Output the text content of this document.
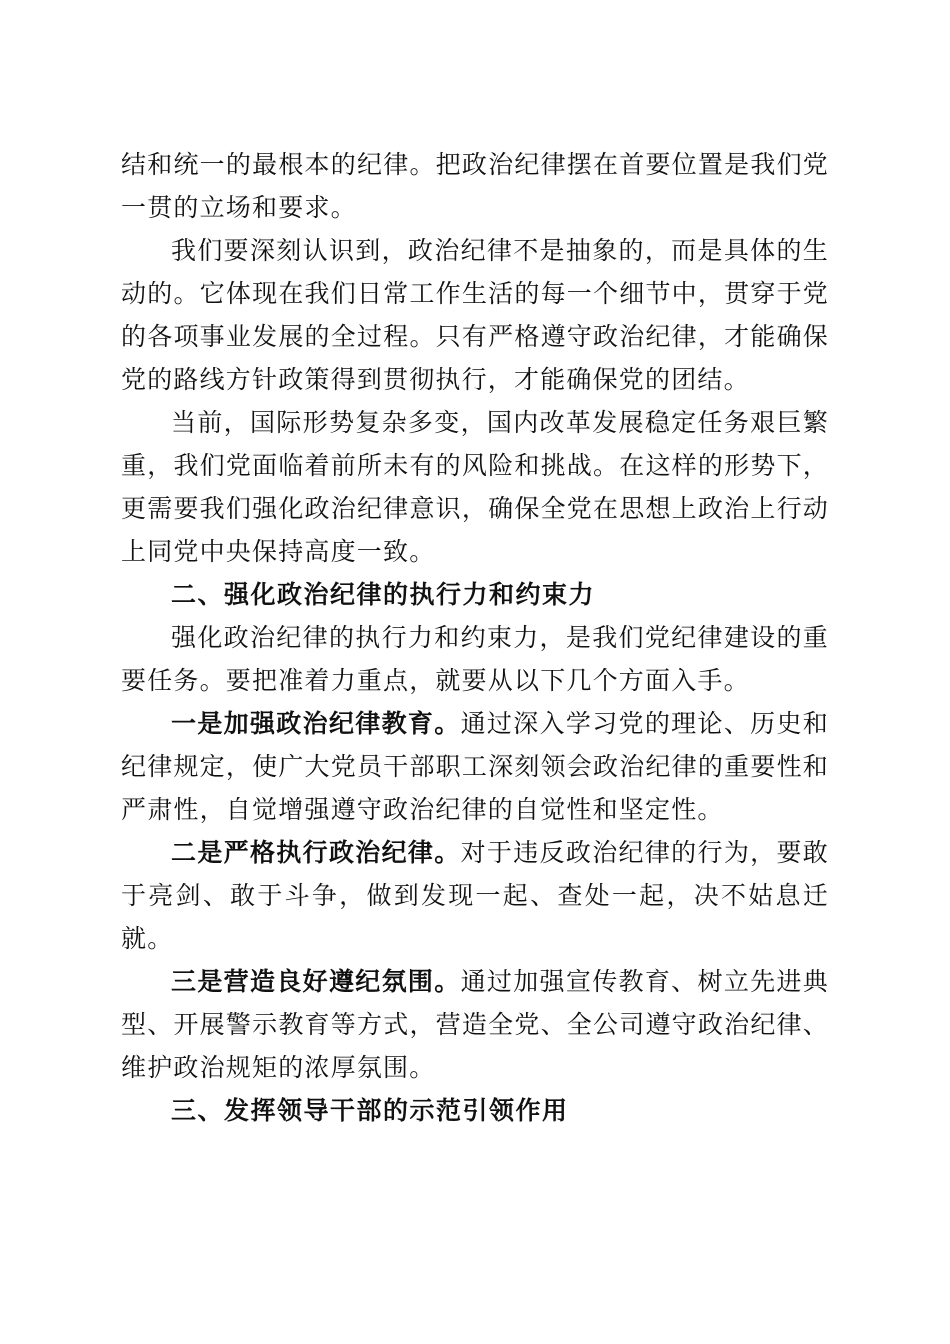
结和统一的最根本的纪律。把政治纪律摆在首要位置是我们党一贯的立场和要求。

我们要深刻认识到，政治纪律不是抽象的，而是具体的生动的。它体现在我们日常工作生活的每一个细节中，贯穿于党的各项事业发展的全过程。只有严格遵守政治纪律，才能确保党的路线方针政策得到贯彻执行，才能确保党的团结。

当前，国际形势复杂多变，国内改革发展稳定任务艰巨繁重，我们党面临着前所未有的风险和挑战。在这样的形势下，更需要我们强化政治纪律意识，确保全党在思想上政治上行动上同党中央保持高度一致。

二、强化政治纪律的执行力和约束力

强化政治纪律的执行力和约束力，是我们党纪律建设的重要任务。要把准着力重点，就要从以下几个方面入手。

一是加强政治纪律教育。通过深入学习党的理论、历史和纪律规定，使广大党员干部职工深刻领会政治纪律的重要性和严肃性，自觉增强遵守政治纪律的自觉性和坚定性。

二是严格执行政治纪律。对于违反政治纪律的行为，要敢于亮剑、敢于斗争，做到发现一起、查处一起，决不姑息迁就。

三是营造良好遵纪氛围。通过加强宣传教育、树立先进典型、开展警示教育等方式，营造全党、全公司遵守政治纪律、维护政治规矩的浓厚氛围。

三、发挥领导干部的示范引领作用
